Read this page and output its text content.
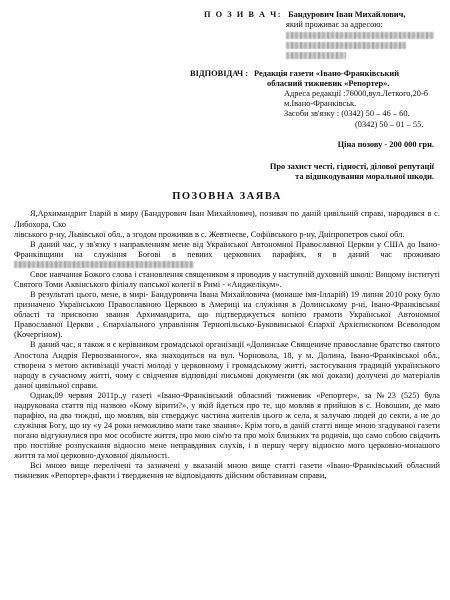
П О З И В А Ч: Бандурович Іван Михайлович,
який проживає за адресою:
ВІДПОВІДАЧ : Редакція газети «Івано-Франківський
обласний тижневик «Репортер».
Адреса редакції :76000,вул.Леткого,20-б
м.Івано-Франківськ.
Засоби зв'язку : (0342) 50 – 46 – 60.
(0342) 50 – 01 – 55.
Ціна позову - 200 000 грн.
Про захист честі, гідності, ділової репутації
та відшкодування моральної шкоди.
ПОЗОВНА ЗАЯВА

Я,Архимандрит Іларій в миру (Бандурович Іван Михайлович), позивач по даній цивільній справі, народився в с. Либохора, Ско

лівського р-ну, Львівської обл., а згодом проживав в с. Жевтнеєве, Софіївського р-ну, Дніпропетров ської обл.

В даний час, у зв'язку з направленням мене від Української Автономної Православної Церкви у США до Івано-Франківщини на служіння Богові в певних церковних парафіях, я в даний час проживаю

Своє навчання Божого слова і становлення священиком я проводив у наступній духовній школі: Вищому інституті Святого Томи Аквінського філіалу папської колегії в Римі - «Анджелікум».

В результаті цього, мене, в мирі- Бандуровича Івана Михайловича (монаше імя-Ілларій) 19 липня 2010 року було призначено Українською Православною Церквою в Америці на служіння в Долинському р-ні, Івано-Франківської області та присвоєно звання Архимандрита, що підтверджується копією грамоти Української Автономної Православної Церкви , Єпархіального управління Тернопільсько-Буковинської Єпархії Архієпископом Всеволодом (Кочергіном).

В даний час, я також я є керівником громадської організації «Долинське Священиче православне братство святого Апостола Андрія Первозванного», яка знаходиться на вул. Чорновола, 18, у м. Долина, Івано-Франківської обл., створена з метою активізації участі молоді у церковному і громадському житті, застосування традицій українського народу в сучасному житті, чому є свідчення відповідні письмові документи (як мої докази) долучені до матеріалів даної цивільної справи.

Однак,09 червня 2011р.,у газеті «Івано-Франківський обласний тижневик «Репортер», за №23 (525) була надрукована стаття під назвою «Кому вірити?», у якій йдеться про те, що мовляв я прийшов в с. Новошин, де маю парафію, на два тиждні, що мовляв, він стверджує частина жителів цього ж села, я залучаю людей до секти, а не до служіння Богу, що ну «у 24 роки неможливо мати таке звання». Крім того, в даній статті вище мною згадуваної газети погано відгукнулися про моє особисте життя, про мою сім'ю та про моїх близьких та родичів, що само собою свідчить про постійне розпускання відносно мене неправдивих слухів, і в першу чергу відносно мого церковно-монашого життя та мої церковно-духовної діяльності.

Всі мною вище перелічені та зазначені у вказаній мною вище статті газети «Івано-Франківський обласний тижневик «Репортер»,факти і твердження не відповідають дійсним обставинам справи,
